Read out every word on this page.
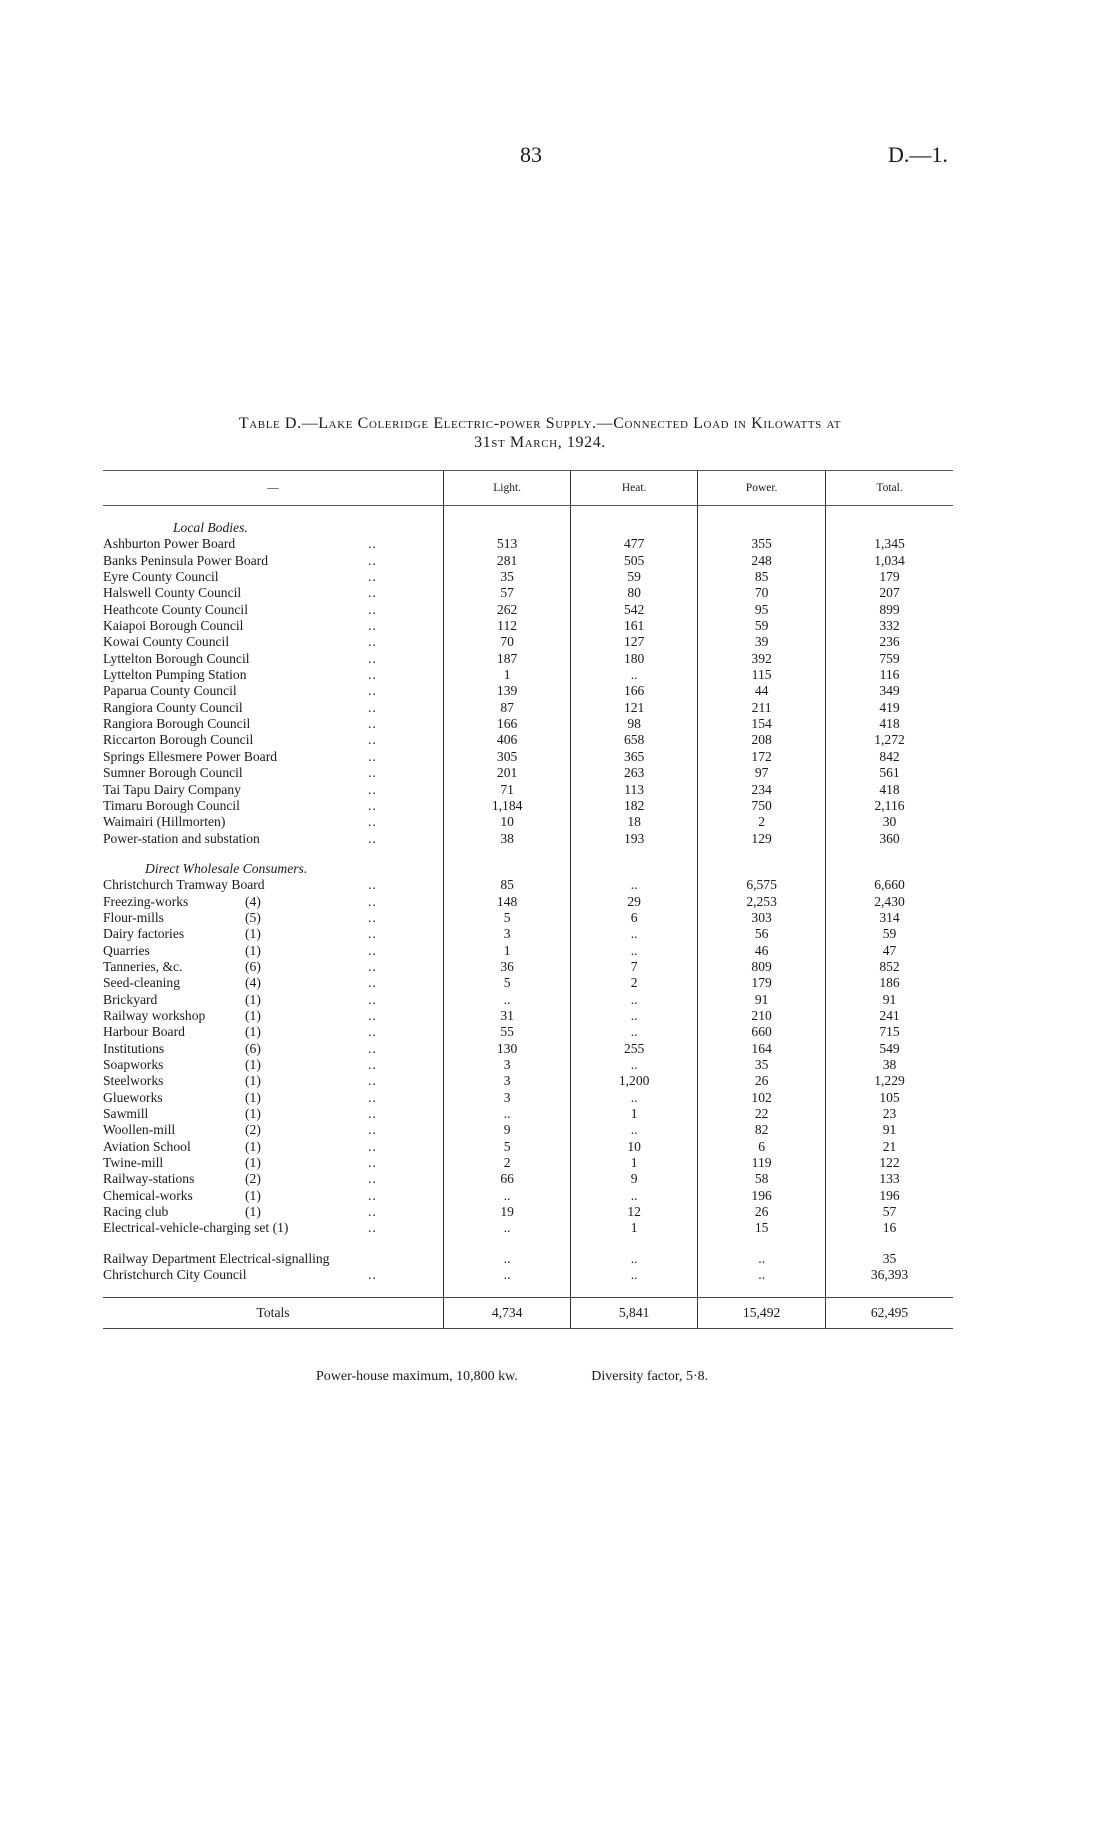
83	D.—1.
Table D.—Lake Coleridge Electric-power Supply.—Connected Load in Kilowatts at
31st March, 1924.
—	Light.	Heat.	Power.	Total.

Local Bodies.				
Ashburton Power Board ..	513	477	355	1,345
Banks Peninsula Power Board ..	281	505	248	1,034
Eyre County Council ..	35	59	85	179
Halswell County Council ..	57	80	70	207
Heathcote County Council ..	262	542	95	899
Kaiapoi Borough Council ..	112	161	59	332
Kowai County Council ..	70	127	39	236
Lyttelton Borough Council ..	187	180	392	759
Lyttelton Pumping Station ..	1	..	115	116
Paparua County Council ..	139	166	44	349
Rangiora County Council ..	87	121	211	419
Rangiora Borough Council ..	166	98	154	418
Riccarton Borough Council ..	406	658	208	1,272
Springs Ellesmere Power Board ..	305	365	172	842
Sumner Borough Council ..	201	263	97	561
Tai Tapu Dairy Company ..	71	113	234	418
Timaru Borough Council ..	1,184	182	750	2,116
Waimairi (Hillmorten) ..	10	18	2	30
Power-station and substation ..	38	193	129	360

Direct Wholesale Consumers.				
Christchurch Tramway Board ..	85	..	6,575	6,660
Freezing-works (4) ..	148	29	2,253	2,430
Flour-mills (5) ..	5	6	303	314
Dairy factories (1) ..	3	..	56	59
Quarries (1) ..	1	..	46	47
Tanneries, &c. (6) ..	36	7	809	852
Seed-cleaning (4) ..	5	2	179	186
Brickyard (1) ..	..	..	91	91
Railway workshop (1) ..	31	..	210	241
Harbour Board (1) ..	55	..	660	715
Institutions (6) ..	130	255	164	549
Soapworks (1) ..	3	..	35	38
Steelworks (1) ..	3	1,200	26	1,229
Glueworks (1) ..	3	..	102	105
Sawmill (1) ..	..	1	22	23
Woollen-mill (2) ..	9	..	82	91
Aviation School (1) ..	5	10	6	21
Twine-mill (1) ..	2	1	119	122
Railway-stations (2) ..	66	9	58	133
Chemical-works (1) ..	..	..	196	196
Racing club (1) ..	19	12	26	57
Electrical-vehicle-charging set (1) ..	..	1	15	16

Railway Department Electrical-signalling	..	..	..	35
Christchurch City Council ..	..	..	..	36,393

Totals	4,734	5,841	15,492	62,495
Power-house maximum, 10,800 kw.	Diversity factor, 5·8.
